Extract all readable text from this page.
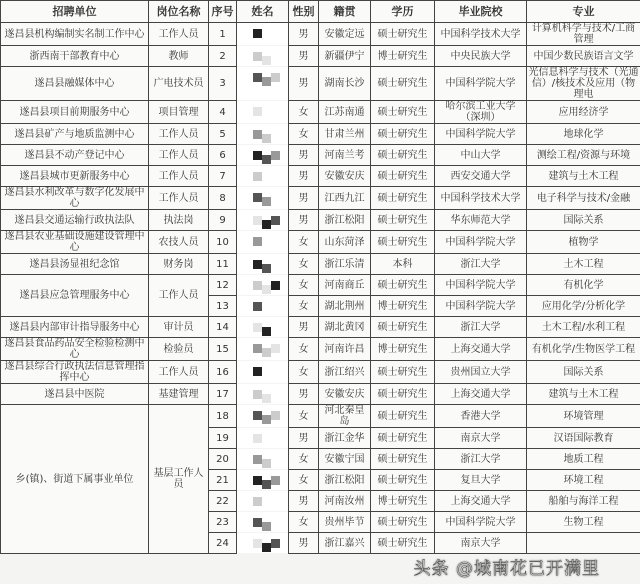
招聘单位	岗位名称	序号	姓名	性别	籍贯	学历	毕业院校	专业
遂昌县机构编制实名制工作中心	工作人员	1		男	安徽定远	硕士研究生	中国科学技术大学	计算机科学与技术/工商管理
浙西南干部教育中心	教师	2		男	新疆伊宁	博士研究生	中央民族大学	中国少数民族语言文学
遂昌县融媒体中心	广电技术员	3		男	湖南长沙	硕士研究生	中国科学院大学	光信息科学与技术（光通信）/核技术及应用（物理电
遂昌县项目前期服务中心	项目管理	4		女	江苏南通	硕士研究生	哈尔滨工业大学（深圳）	应用经济学
遂昌县矿产与地质监测中心	工作人员	5		女	甘肃兰州	硕士研究生	中国科学院大学	地球化学
遂昌县不动产登记中心	工作人员	6		男	河南兰考	硕士研究生	中山大学	测绘工程/资源与环境
遂昌县城市更新服务中心	工作人员	7		男	安徽安庆	硕士研究生	西安交通大学	建筑与土木工程
遂昌县水利改革与数字化发展中心	工作人员	8		男	江西九江	硕士研究生	中国科学技术大学	电子科学与技术/金融
遂昌县交通运输行政执法队	执法岗	9		男	浙江松阳	硕士研究生	华东师范大学	国际关系
遂昌县农业基础设施建设管理中心	农技人员	10		女	山东菏泽	硕士研究生	中国科学院大学	植物学
遂昌县汤显祖纪念馆	财务岗	11		女	浙江乐清	本科	浙江大学	土木工程
遂昌县应急管理服务中心	工作人员	12		女	河南商丘	硕士研究生	中国科学院大学	有机化学
		13		女	湖北荆州	博士研究生	中国科学院大学	应用化学/分析化学
遂昌县内部审计指导服务中心	审计员	14		男	湖北黄冈	硕士研究生	浙江大学	土木工程/水利工程
遂昌县食品药品安全检验检测中心	检验员	15		女	河南许昌	博士研究生	上海交通大学	有机化学/生物医学工程
遂昌县综合行政执法信息管理指挥中心	工作人员	16		女	浙江绍兴	硕士研究生	贵州国立大学	国际关系
遂昌县中医院	基建管理	17		男	安徽安庆	硕士研究生	上海交通大学	建筑与土木工程
乡(镇)、街道下属事业单位	基层工作人员	18		女	河北秦皇岛	硕士研究生	香港大学	环境管理
		19		男	浙江金华	硕士研究生	南京大学	汉语国际教育
		20		女	安徽宁国	硕士研究生	浙江大学	地质工程
		21		女	浙江松阳	硕士研究生	复旦大学	环境工程
		22		男	河南汝州	博士研究生	上海交通大学	船舶与海洋工程
		23		女	贵州毕节	硕士研究生	中国科学院大学	生物工程
		24		男	浙江嘉兴	硕士研究生	南京大学	
头条 @城南花已开满里
